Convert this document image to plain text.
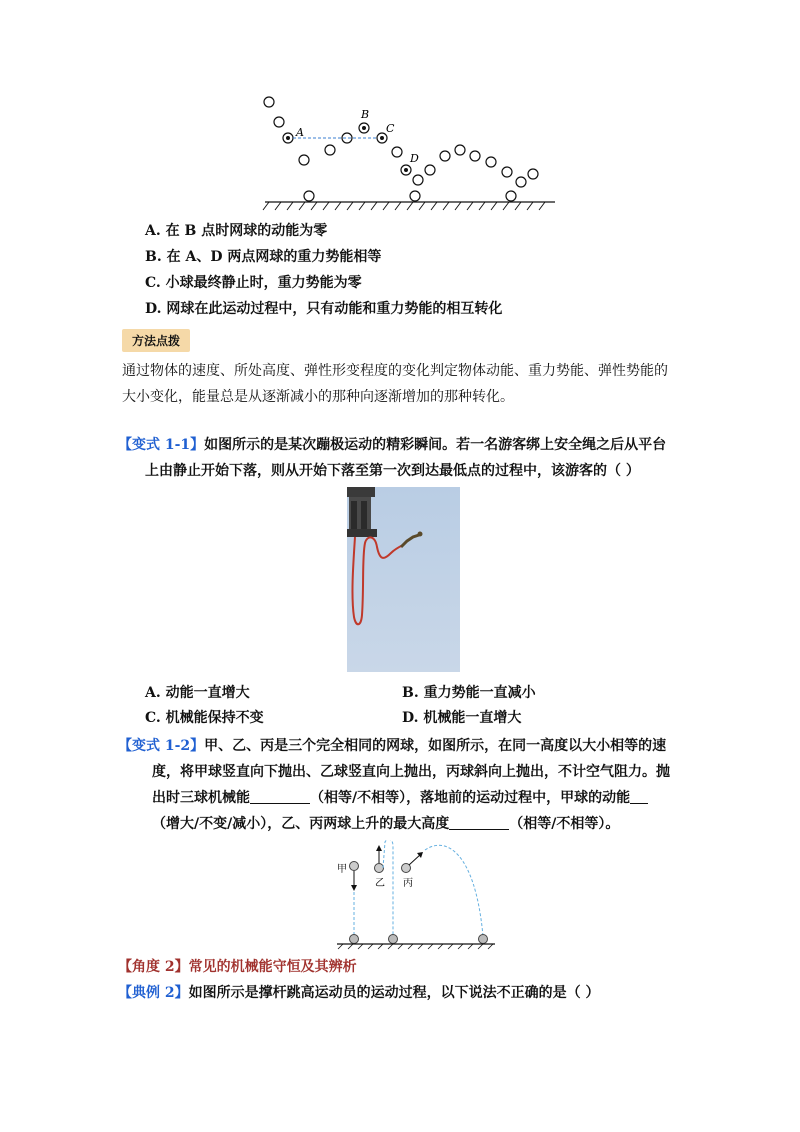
A
B
C
D
A. 在 B 点时网球的动能为零
B. 在 A、D 两点网球的重力势能相等
C. 小球最终静止时，重力势能为零
D. 网球在此运动过程中，只有动能和重力势能的相互转化
方法点拨
通过物体的速度、所处高度、弹性形变程度的变化判定物体动能、重力势能、弹性势能的
大小变化，能量总是从逐渐减小的那种向逐渐增加的那种转化。
【变式 1-1】如图所示的是某次蹦极运动的精彩瞬间。若一名游客绑上安全绳之后从平台
上由静止开始下落，则从开始下落至第一次到达最低点的过程中，该游客的（ ）
A. 动能一直增大	B. 重力势能一直减小
C. 机械能保持不变	D. 机械能一直增大
【变式 1-2】甲、乙、丙是三个完全相同的网球，如图所示，在同一高度以大小相等的速
度，将甲球竖直向下抛出、乙球竖直向上抛出，丙球斜向上抛出，不计空气阻力。抛
出时三球机械能	（相等/不相等），落地前的运动过程中，甲球的动能
（增大/不变/减小），乙、丙两球上升的最大高度	（相等/不相等）。
甲
乙 丙
【角度 2】常见的机械能守恒及其辨析
【典例 2】如图所示是撑杆跳高运动员的运动过程，以下说法不正确的是（ ）
